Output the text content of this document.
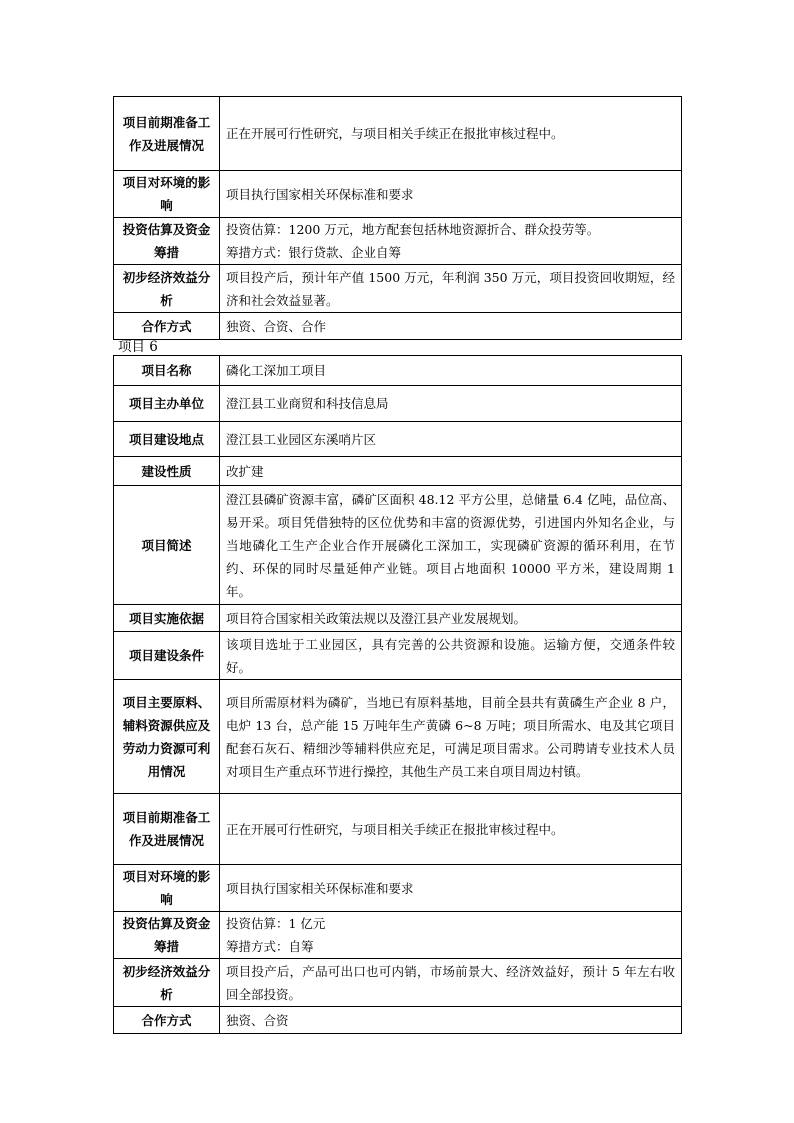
项目前期准备工作及进展情况	正在开展可行性研究，与项目相关手续正在报批审核过程中。
项目对环境的影响	项目执行国家相关环保标准和要求
投资估算及资金筹措	投资估算：1200 万元，地方配套包括林地资源折合、群众投劳等。
筹措方式：银行贷款、企业自筹

初步经济效益分析	项目投产后，预计年产值 1500 万元，年利润 350 万元，项目投资回收期短，经济和社会效益显著。
合作方式	独资、合资、合作
项目 6
项目名称	磷化工深加工项目
项目主办单位	澄江县工业商贸和科技信息局
项目建设地点	澄江县工业园区东溪哨片区
建设性质	改扩建
项目简述	澄江县磷矿资源丰富，磷矿区面积 48.12 平方公里，总储量 6.4 亿吨，品位高、易开采。项目凭借独特的区位优势和丰富的资源优势，引进国内外知名企业，与当地磷化工生产企业合作开展磷化工深加工，实现磷矿资源的循环利用，在节约、环保的同时尽量延伸产业链。项目占地面积 10000 平方米，建设周期 1 年。
项目实施依据	项目符合国家相关政策法规以及澄江县产业发展规划。
项目建设条件	该项目选址于工业园区，具有完善的公共资源和设施。运输方便，交通条件较好。
项目主要原料、辅料资源供应及劳动力资源可利用情况	项目所需原材料为磷矿，当地已有原料基地，目前全县共有黄磷生产企业 8 户，电炉 13 台，总产能 15 万吨年生产黄磷 6~8 万吨；项目所需水、电及其它项目配套石灰石、精细沙等辅料供应充足，可满足项目需求。公司聘请专业技术人员对项目生产重点环节进行操控，其他生产员工来自项目周边村镇。
项目前期准备工作及进展情况	正在开展可行性研究，与项目相关手续正在报批审核过程中。
项目对环境的影响	项目执行国家相关环保标准和要求
投资估算及资金筹措	投资估算：1 亿元
筹措方式：自筹

初步经济效益分析	项目投产后，产品可出口也可内销，市场前景大、经济效益好，预计 5 年左右收回全部投资。
合作方式	独资、合资
